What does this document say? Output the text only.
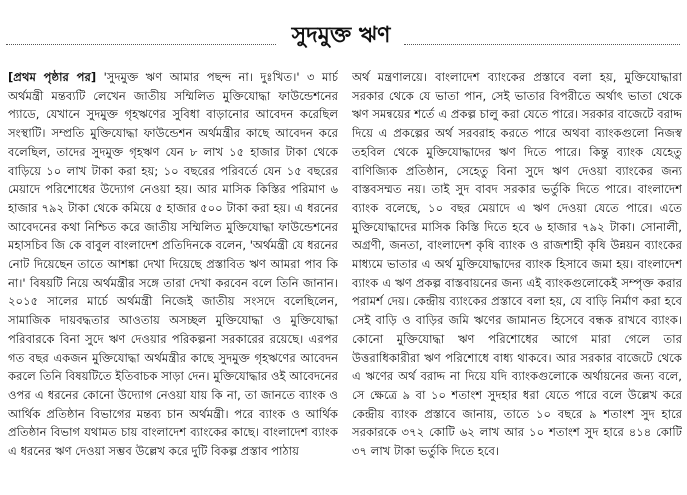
সুদমুক্ত ঋণ

[প্রথম পৃষ্ঠার পর] 'সুদমুক্ত ঋণ আমার পছন্দ না। দুঃখিত।' ৩ মার্চ অর্থমন্ত্রী মন্তব্যটি লেখেন জাতীয় সম্মিলিত মুক্তিযোদ্ধা ফাউন্ডেশনের প্যাডে, যেখানে সুদমুক্ত গৃহঋণের সুবিধা বাড়ানোর আবেদন করেছিল সংস্থাটি। সম্প্রতি মুক্তিযোদ্ধা ফাউন্ডেশন অর্থমন্ত্রীর কাছে আবেদন করে বলেছিল, তাদের সুদমুক্ত গৃহঋণ যেন ৮ লাখ ১৫ হাজার টাকা থেকে বাড়িয়ে ১০ লাখ টাকা করা হয়; ১০ বছরের পরিবর্তে যেন ১৫ বছরের মেয়াদে পরিশোধের উদ্যোগ নেওয়া হয়। আর মাসিক কিস্তির পরিমাণ ৬ হাজার ৭৯২ টাকা থেকে কমিয়ে ৫ হাজার ৫০০ টাকা করা হয়। এ ধরনের আবেদনের কথা নিশ্চিত করে জাতীয় সম্মিলিত মুক্তিযোদ্ধা ফাউন্ডেশনের মহাসচিব জি কে বাবুল বাংলাদেশ প্রতিদিনকে বলেন, 'অর্থমন্ত্রী যে ধরনের নোট দিয়েছেন তাতে আশঙ্কা দেখা দিয়েছে প্রস্তাবিত ঋণ আমরা পাব কি না।' বিষয়টি নিয়ে অর্থমন্ত্রীর সঙ্গে তারা দেখা করবেন বলে তিনি জানান। ২০১৫ সালের মার্চে অর্থমন্ত্রী নিজেই জাতীয় সংসদে বলেছিলেন, সামাজিক দায়বদ্ধতার আওতায় অসচ্ছল মুক্তিযোদ্ধা ও মুক্তিযোদ্ধা পরিবারকে বিনা সুদে ঋণ দেওয়ার পরিকল্পনা সরকারের রয়েছে। এরপর গত বছর একজন মুক্তিযোদ্ধা অর্থমন্ত্রীর কাছে সুদমুক্ত গৃহঋণের আবেদন করলে তিনি বিষয়টিতে ইতিবাচক সাড়া দেন। মুক্তিযোদ্ধার ওই আবেদনের ওপর এ ধরনের কোনো উদ্যোগ নেওয়া যায় কি না, তা জানতে ব্যাংক ও আর্থিক প্রতিষ্ঠান বিভাগের মন্তব্য চান অর্থমন্ত্রী। পরে ব্যাংক ও আর্থিক প্রতিষ্ঠান বিভাগ যথামত চায় বাংলাদেশ ব্যাংকের কাছে। বাংলাদেশ ব্যাংক এ ধরনের ঋণ দেওয়া সম্ভব উল্লেখ করে দুটি বিকল্প প্রস্তাব পাঠায়

অর্থ মন্ত্রণালয়ে। বাংলাদেশ ব্যাংকের প্রস্তাবে বলা হয়, মুক্তিযোদ্ধারা সরকার থেকে যে ভাতা পান, সেই ভাতার বিপরীতে অর্থাৎ ভাতা থেকে ঋণ সমন্বয়ের শর্তে এ প্রকল্প চালু করা যেতে পারে। সরকার বাজেটে বরাদ্দ দিয়ে এ প্রকল্পের অর্থ সরবরাহ করতে পারে অথবা ব্যাংকগুলো নিজস্ব তহবিল থেকে মুক্তিযোদ্ধাদের ঋণ দিতে পারে। কিন্তু ব্যাংক যেহেতু বাণিজ্যিক প্রতিষ্ঠান, সেহেতু বিনা সুদে ঋণ দেওয়া ব্যাংকের জন্য বাস্তবসম্মত নয়। তাই সুদ বাবদ সরকার ভর্তুকি দিতে পারে। বাংলাদেশ ব্যাংক বলেছে, ১০ বছর মেয়াদে এ ঋণ দেওয়া যেতে পারে। এতে মুক্তিযোদ্ধাদের মাসিক কিস্তি দিতে হবে ৬ হাজার ৭৯২ টাকা। সোনালী, অগ্রণী, জনতা, বাংলাদেশ কৃষি ব্যাংক ও রাজশাহী কৃষি উন্নয়ন ব্যাংকের মাধ্যমে ভাতার এ অর্থ মুক্তিযোদ্ধাদের ব্যাংক হিসাবে জমা হয়। বাংলাদেশ ব্যাংক এ ঋণ প্রকল্প বাস্তবায়নের জন্য এই ব্যাংকগুলোকেই সম্পৃক্ত করার পরামর্শ দেয়। কেন্দ্রীয় ব্যাংকের প্রস্তাবে বলা হয়, যে বাড়ি নির্মাণ করা হবে সেই বাড়ি ও বাড়ির জমি ঋণের জামানত হিসেবে বন্ধক রাখবে ব্যাংক। কোনো মুক্তিযোদ্ধা ঋণ পরিশোধের আগে মারা গেলে তার উত্তরাধিকারীরা ঋণ পরিশোধে বাধ্য থাকবে। আর সরকার বাজেটে থেকে এ ঋণের অর্থ বরাদ্দ না দিয়ে যদি ব্যাংকগুলোকে অর্থায়নের জন্য বলে, সে ক্ষেত্রে ৯ বা ১০ শতাংশ সুদহার ধরা যেতে পারে বলে উল্লেখ করে কেন্দ্রীয় ব্যাংক প্রস্তাবে জানায়, তাতে ১০ বছরে ৯ শতাংশ সুদ হারে সরকারকে ৩৭২ কোটি ৬২ লাখ আর ১০ শতাংশ সুদ হারে ৪১৪ কোটি ৩৭ লাখ টাকা ভর্তুকি দিতে হবে।
